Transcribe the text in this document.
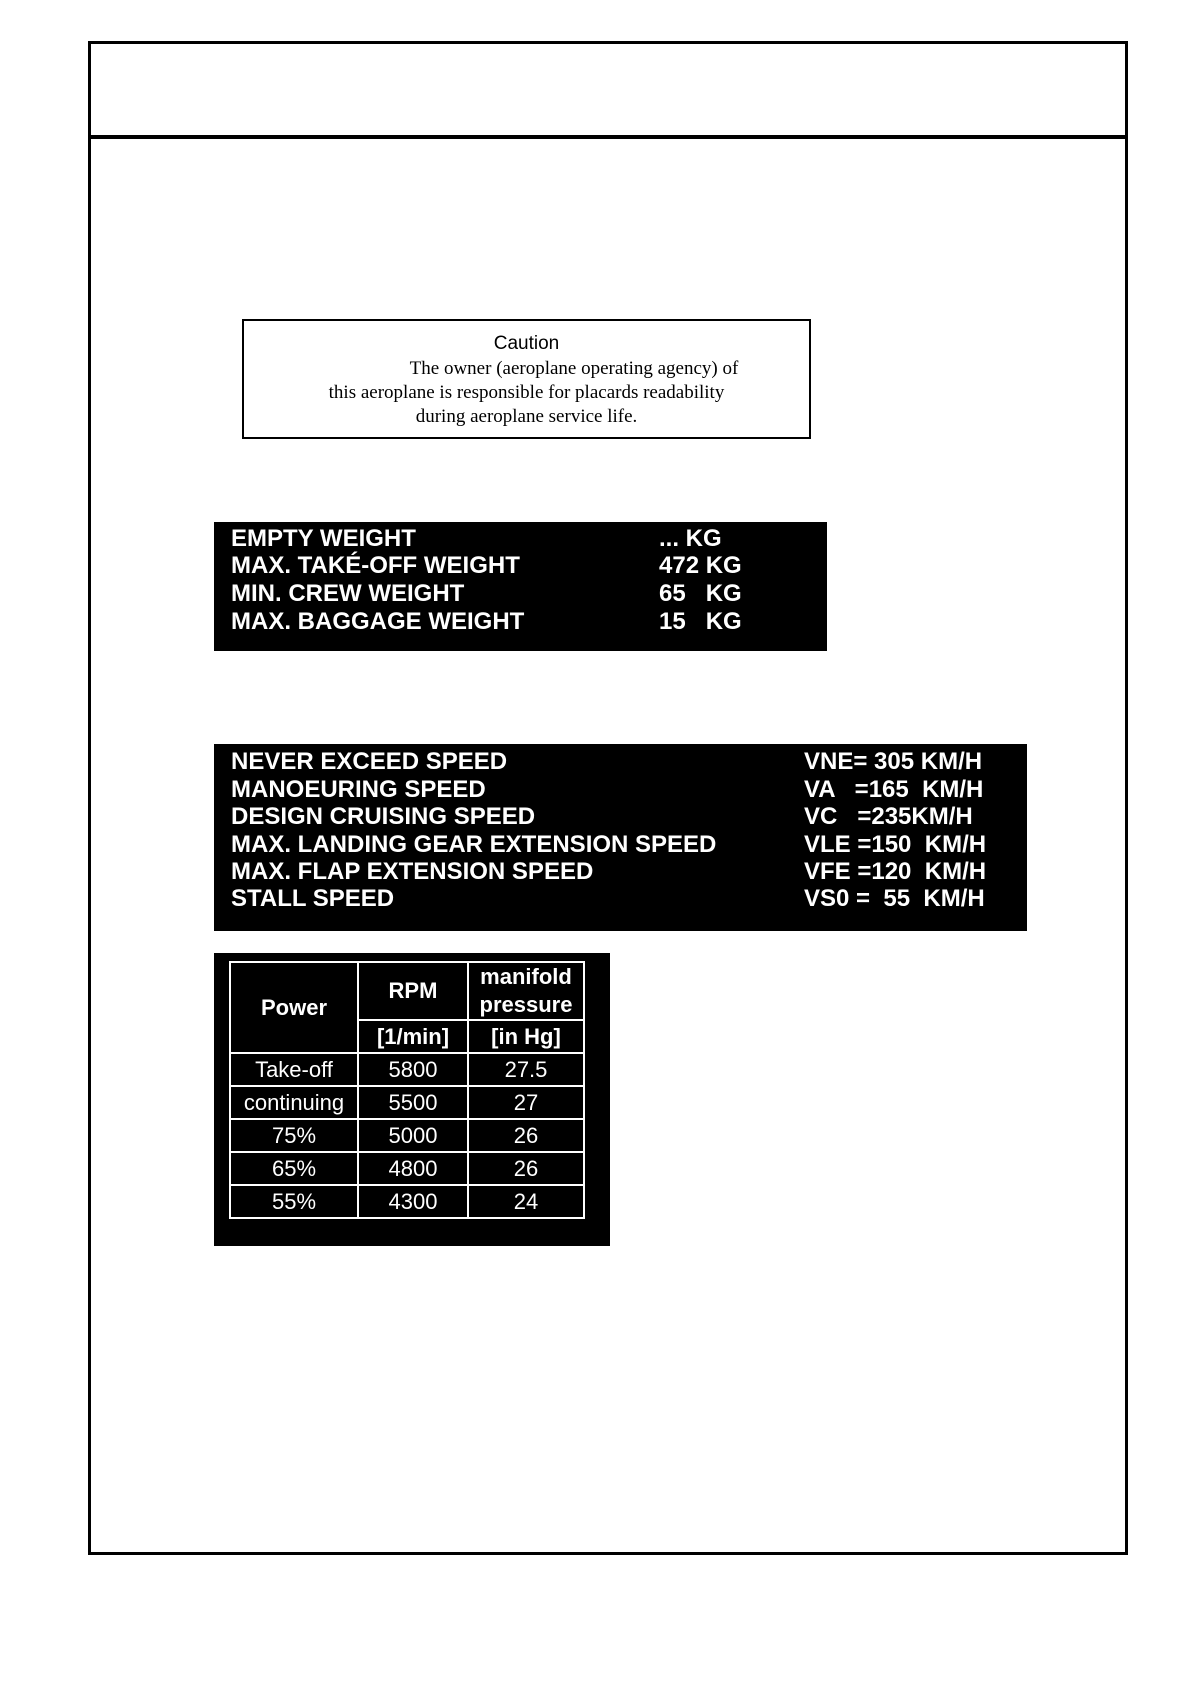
Caution
The owner (aeroplane operating agency) of
this aeroplane is responsible for placards readability
during aeroplane service life.
EMPTY WEIGHT	... KG
MAX. TAKÉ-OFF WEIGHT	472 KG
MIN. CREW WEIGHT	65   KG
MAX. BAGGAGE WEIGHT	15   KG
NEVER EXCEED SPEED	VNE= 305 KM/H
MANOEURING SPEED	VA   =165  KM/H
DESIGN CRUISING SPEED	VC   =235KM/H
MAX. LANDING GEAR EXTENSION SPEED	VLE =150  KM/H
MAX. FLAP EXTENSION SPEED	VFE =120  KM/H
STALL SPEED	VS0 =  55  KM/H
Power	RPM	manifold
pressure
	[1/min]	[in Hg]
Take-off	5800	27.5
continuing	5500	27
75%	5000	26
65%	4800	26
55%	4300	24
